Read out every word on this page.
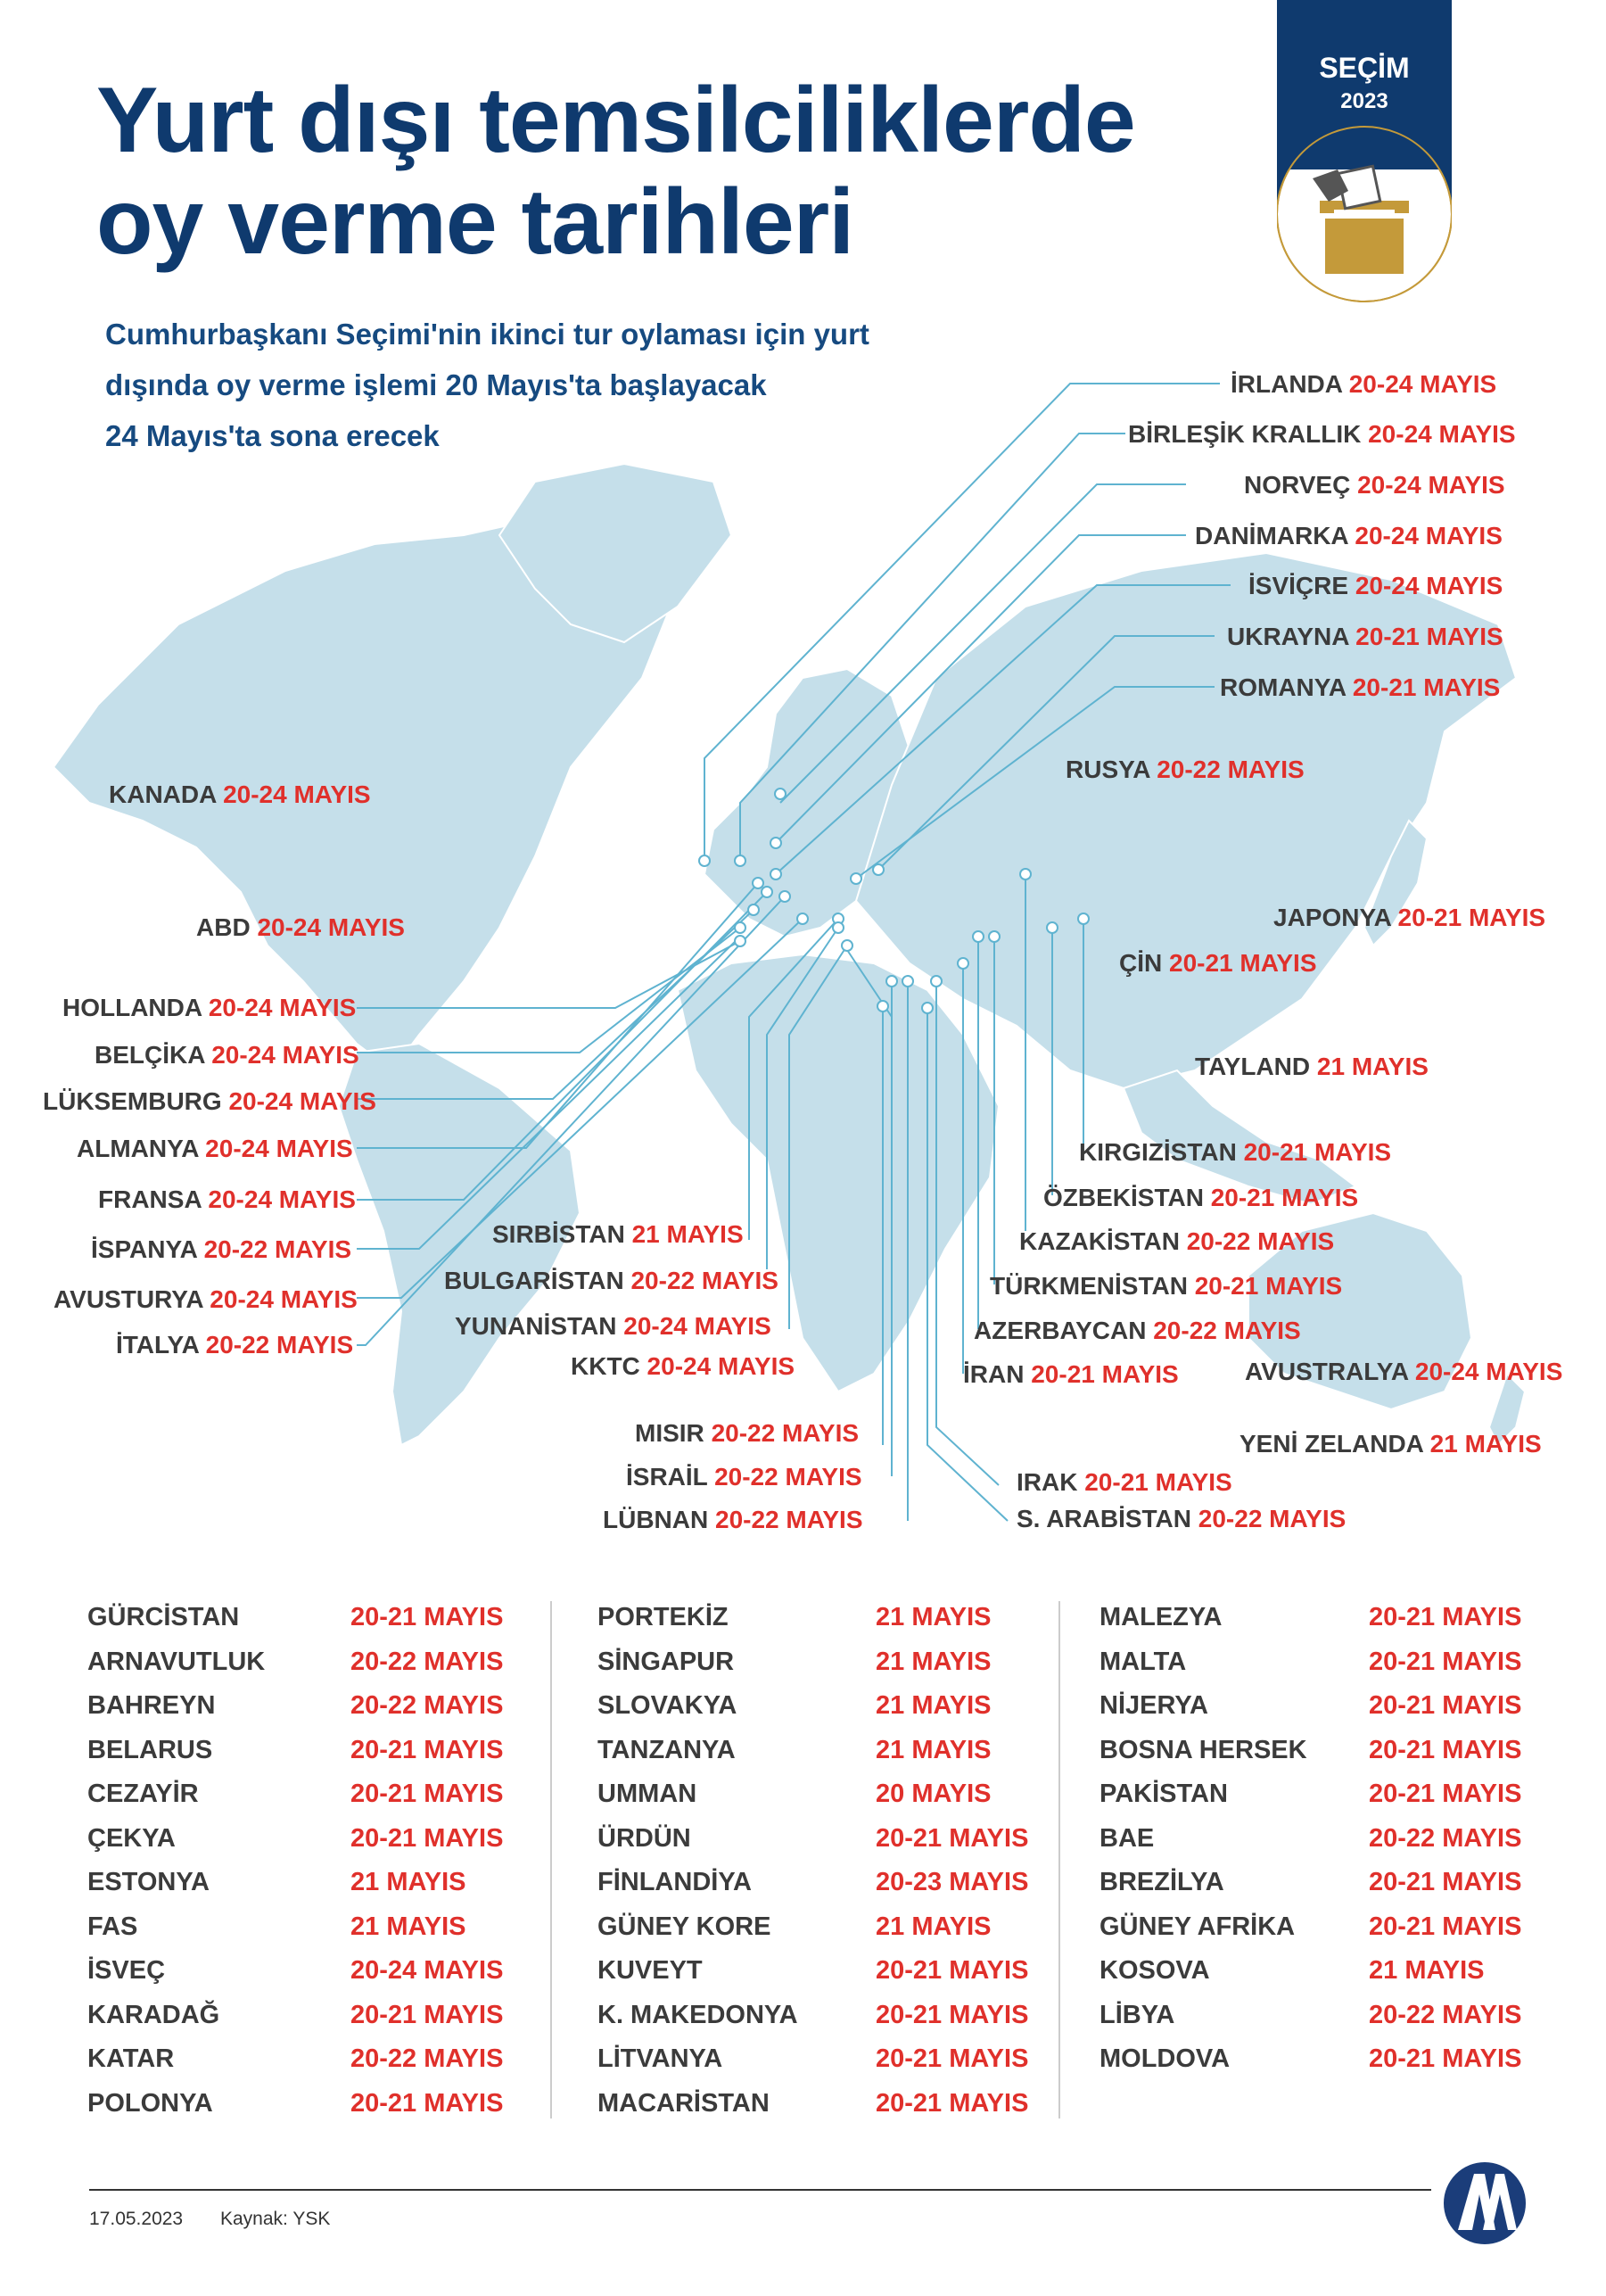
Yurt dışı temsilciliklerde
oy verme tarihleri

Cumhurbaşkanı Seçimi'nin ikinci tur oylaması için yurt
dışında oy verme işlemi 20 Mayıs'ta başlayacak
24 Mayıs'ta sona erecek

SEÇİM
2023
İRLANDA 20-24 MAYIS
BİRLEŞİK KRALLIK 20-24 MAYIS
NORVEÇ 20-24 MAYIS
DANİMARKA 20-24 MAYIS
İSVİÇRE 20-24 MAYIS
UKRAYNA 20-21 MAYIS
ROMANYA 20-21 MAYIS
RUSYA 20-22 MAYIS
KANADA 20-24 MAYIS
ABD 20-24 MAYIS	JAPONYA 20-21 MAYIS
ÇİN 20-21 MAYIS
HOLLANDA 20-24 MAYIS
BELÇİKA 20-24 MAYIS
LÜKSEMBURG 20-24 MAYIS
ALMANYA 20-24 MAYIS
FRANSA 20-24 MAYIS
İSPANYA 20-22 MAYIS
AVUSTURYA 20-24 MAYIS
İTALYA 20-22 MAYIS
TAYLAND 21 MAYIS
KIRGIZİSTAN 20-21 MAYIS
ÖZBEKİSTAN 20-21 MAYIS
KAZAKİSTAN 20-22 MAYIS
TÜRKMENİSTAN 20-21 MAYIS
AZERBAYCAN 20-22 MAYIS
İRAN 20-21 MAYIS	AVUSTRALYA 20-24 MAYIS
YENİ ZELANDA 21 MAYIS
SIRBİSTAN 21 MAYIS
BULGARİSTAN 20-22 MAYIS
YUNANİSTAN 20-24 MAYIS
KKTC 20-24 MAYIS
MISIR 20-22 MAYIS
İSRAİL 20-22 MAYIS
LÜBNAN 20-22 MAYIS
IRAK 20-21 MAYIS
S. ARABİSTAN 20-22 MAYIS
GÜRCİSTAN	20-21 MAYIS
ARNAVUTLUK	20-22 MAYIS
BAHREYN	20-22 MAYIS
BELARUS	20-21 MAYIS
CEZAYİR	20-21 MAYIS
ÇEKYA	20-21 MAYIS
ESTONYA	21 MAYIS
FAS	21 MAYIS
İSVEÇ	20-24 MAYIS
KARADAĞ	20-21 MAYIS
KATAR	20-22 MAYIS
POLONYA	20-21 MAYIS
PORTEKİZ	21 MAYIS
SİNGAPUR	21 MAYIS
SLOVAKYA	21 MAYIS
TANZANYA	21 MAYIS
UMMAN	20 MAYIS
ÜRDÜN	20-21 MAYIS
FİNLANDİYA	20-23 MAYIS
GÜNEY KORE	21 MAYIS
KUVEYT	20-21 MAYIS
K. MAKEDONYA	20-21 MAYIS
LİTVANYA	20-21 MAYIS
MACARİSTAN	20-21 MAYIS
MALEZYA	20-21 MAYIS
MALTA	20-21 MAYIS
NİJERYA	20-21 MAYIS
BOSNA HERSEK 20-21 MAYIS
PAKİSTAN	20-21 MAYIS
BAE	20-22 MAYIS
BREZİLYA	20-21 MAYIS
GÜNEY AFRİKA	20-21 MAYIS
KOSOVA	21 MAYIS
LİBYA	20-22 MAYIS
MOLDOVA	20-21 MAYIS
17.05.2023 Kaynak: YSK
